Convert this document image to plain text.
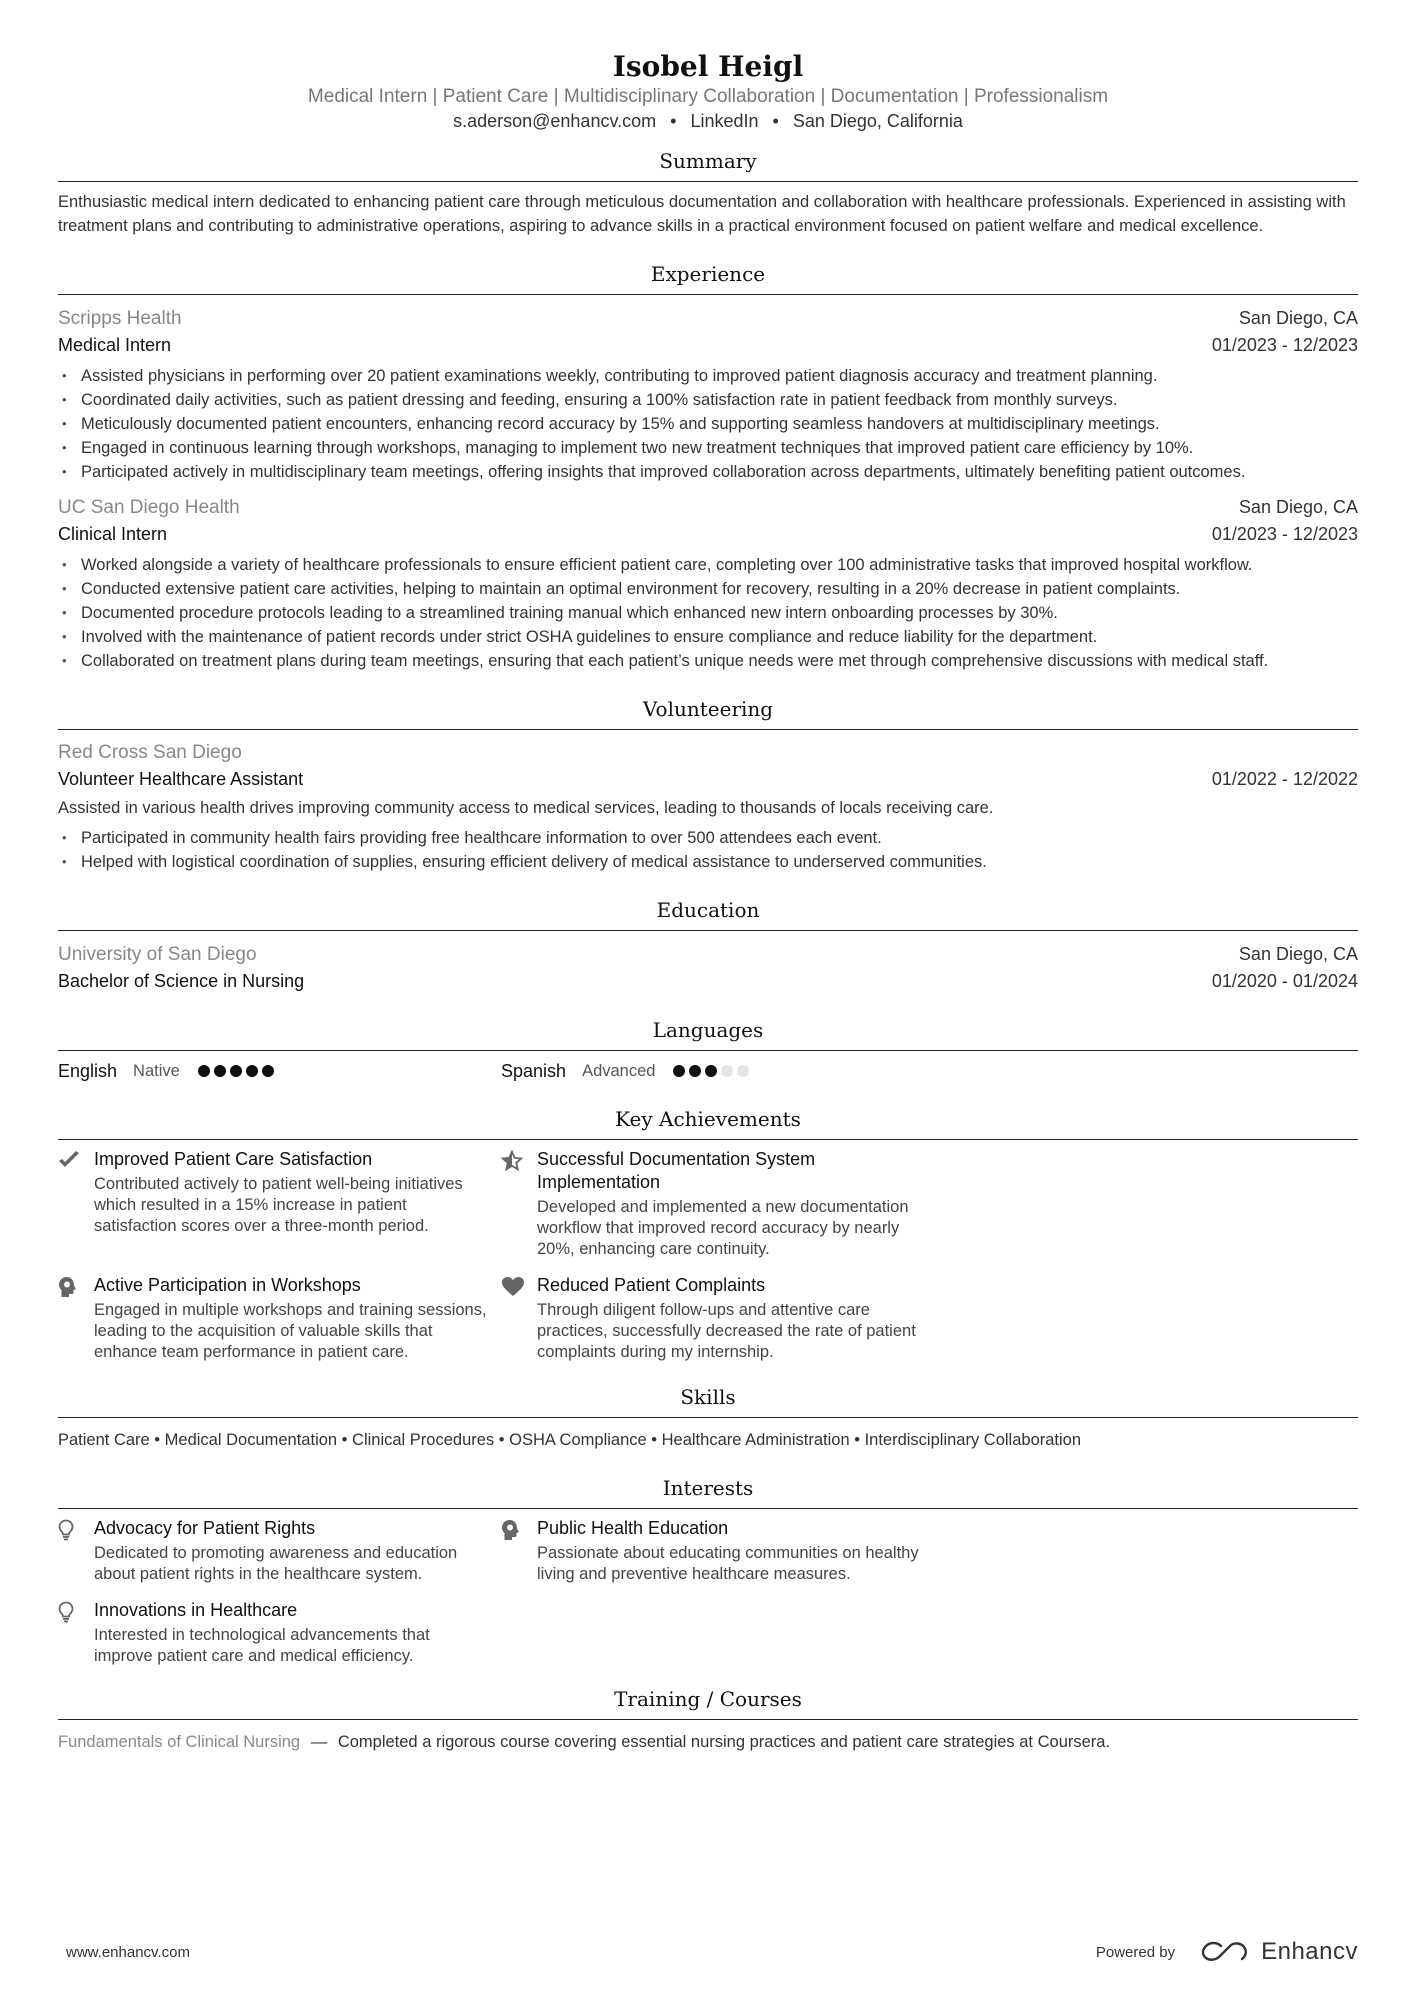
Isobel Heigl
Medical Intern | Patient Care | Multidisciplinary Collaboration | Documentation | Professionalism
s.aderson@enhancv.com • LinkedIn • San Diego, California
Summary
Enthusiastic medical intern dedicated to enhancing patient care through meticulous documentation and collaboration with healthcare professionals. Experienced in assisting with treatment plans and contributing to administrative operations, aspiring to advance skills in a practical environment focused on patient welfare and medical excellence.
Experience
Scripps Health	San Diego, CA
Medical Intern	01/2023 - 12/2023
• Assisted physicians in performing over 20 patient examinations weekly, contributing to improved patient diagnosis accuracy and treatment planning.
• Coordinated daily activities, such as patient dressing and feeding, ensuring a 100% satisfaction rate in patient feedback from monthly surveys.
• Meticulously documented patient encounters, enhancing record accuracy by 15% and supporting seamless handovers at multidisciplinary meetings.
• Engaged in continuous learning through workshops, managing to implement two new treatment techniques that improved patient care efficiency by 10%.
• Participated actively in multidisciplinary team meetings, offering insights that improved collaboration across departments, ultimately benefiting patient outcomes.
UC San Diego Health	San Diego, CA
Clinical Intern	01/2023 - 12/2023
• Worked alongside a variety of healthcare professionals to ensure efficient patient care, completing over 100 administrative tasks that improved hospital workflow.
• Conducted extensive patient care activities, helping to maintain an optimal environment for recovery, resulting in a 20% decrease in patient complaints.
• Documented procedure protocols leading to a streamlined training manual which enhanced new intern onboarding processes by 30%.
• Involved with the maintenance of patient records under strict OSHA guidelines to ensure compliance and reduce liability for the department.
• Collaborated on treatment plans during team meetings, ensuring that each patient’s unique needs were met through comprehensive discussions with medical staff.
Volunteering
Red Cross San Diego
Volunteer Healthcare Assistant	01/2022 - 12/2022
Assisted in various health drives improving community access to medical services, leading to thousands of locals receiving care.
• Participated in community health fairs providing free healthcare information to over 500 attendees each event.
• Helped with logistical coordination of supplies, ensuring efficient delivery of medical assistance to underserved communities.
Education
University of San Diego	San Diego, CA
Bachelor of Science in Nursing	01/2020 - 01/2024
Languages
English Native	Spanish Advanced
Key Achievements
Improved Patient Care Satisfaction
Contributed actively to patient well-being initiatives which resulted in a 15% increase in patient satisfaction scores over a three-month period.
Successful Documentation System Implementation
Developed and implemented a new documentation workflow that improved record accuracy by nearly 20%, enhancing care continuity.
Active Participation in Workshops
Engaged in multiple workshops and training sessions, leading to the acquisition of valuable skills that enhance team performance in patient care.
Reduced Patient Complaints
Through diligent follow-ups and attentive care practices, successfully decreased the rate of patient complaints during my internship.
Skills
Patient Care • Medical Documentation • Clinical Procedures • OSHA Compliance • Healthcare Administration • Interdisciplinary Collaboration
Interests
Advocacy for Patient Rights
Dedicated to promoting awareness and education about patient rights in the healthcare system.
Public Health Education
Passionate about educating communities on healthy living and preventive healthcare measures.
Innovations in Healthcare
Interested in technological advancements that improve patient care and medical efficiency.
Training / Courses
Fundamentals of Clinical Nursing — Completed a rigorous course covering essential nursing practices and patient care strategies at Coursera.
www.enhancv.com	Powered by	Enhancv
